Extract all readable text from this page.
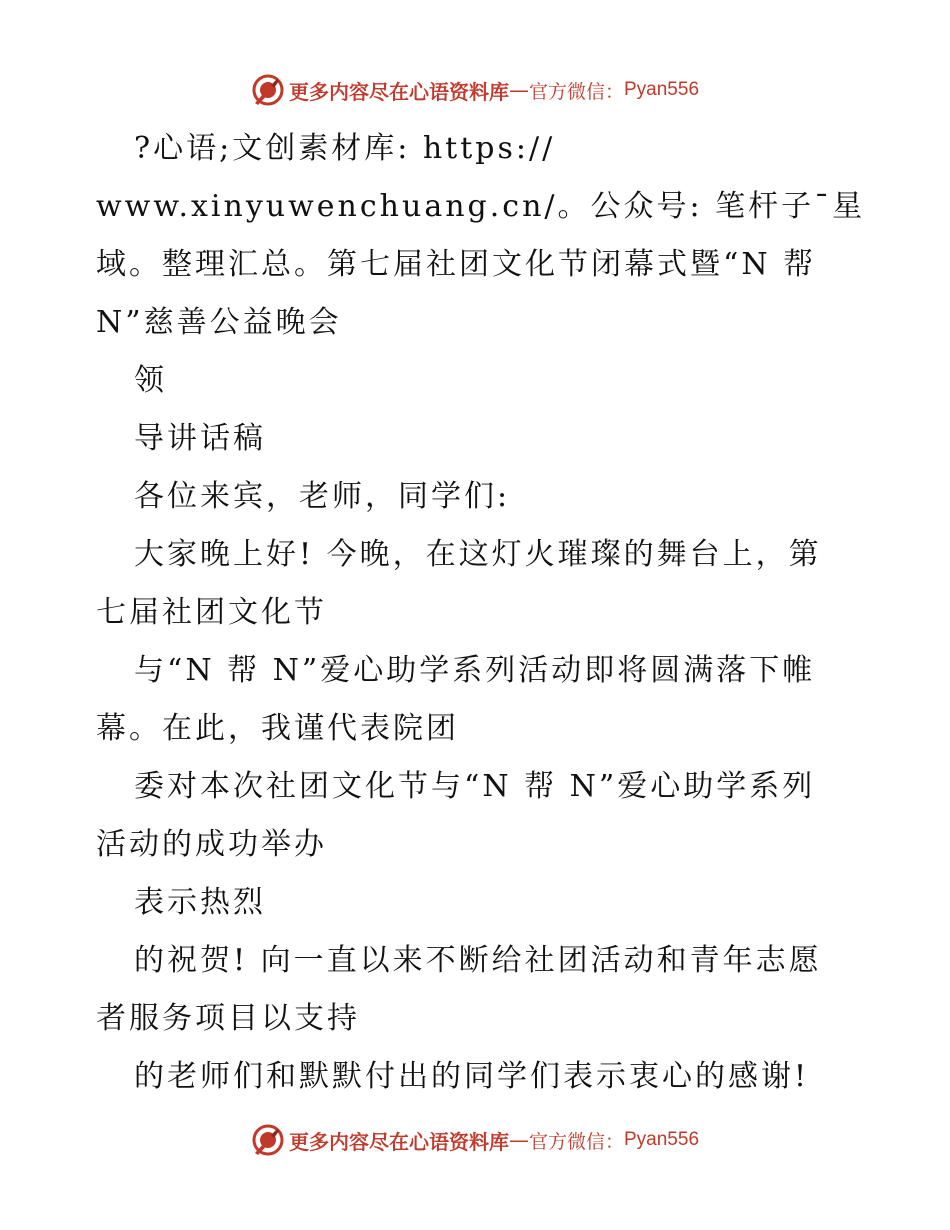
更多内容尽在心语资料库 — 官方微信： Pyan556
?心语;文创素材库: https://
www.xinyuwenchuang.cn/。公众号: 笔杆子¯星
域。整理汇总。第七届社团文化节闭幕式暨“N 帮
N”慈善公益晚会
领
导讲话稿
各位来宾，老师，同学们:
大家晚上好! 今晚，在这灯火璀璨的舞台上，第
七届社团文化节
与“N 帮 N”爱心助学系列活动即将圆满落下帷
幕。在此，我谨代表院团
委对本次社团文化节与“N 帮 N”爱心助学系列
活动的成功举办
表示热烈
的祝贺! 向一直以来不断给社团活动和青年志愿
者服务项目以支持
的老师们和默默付出的同学们表示衷心的感谢!
更多内容尽在心语资料库 — 官方微信： Pyan556
